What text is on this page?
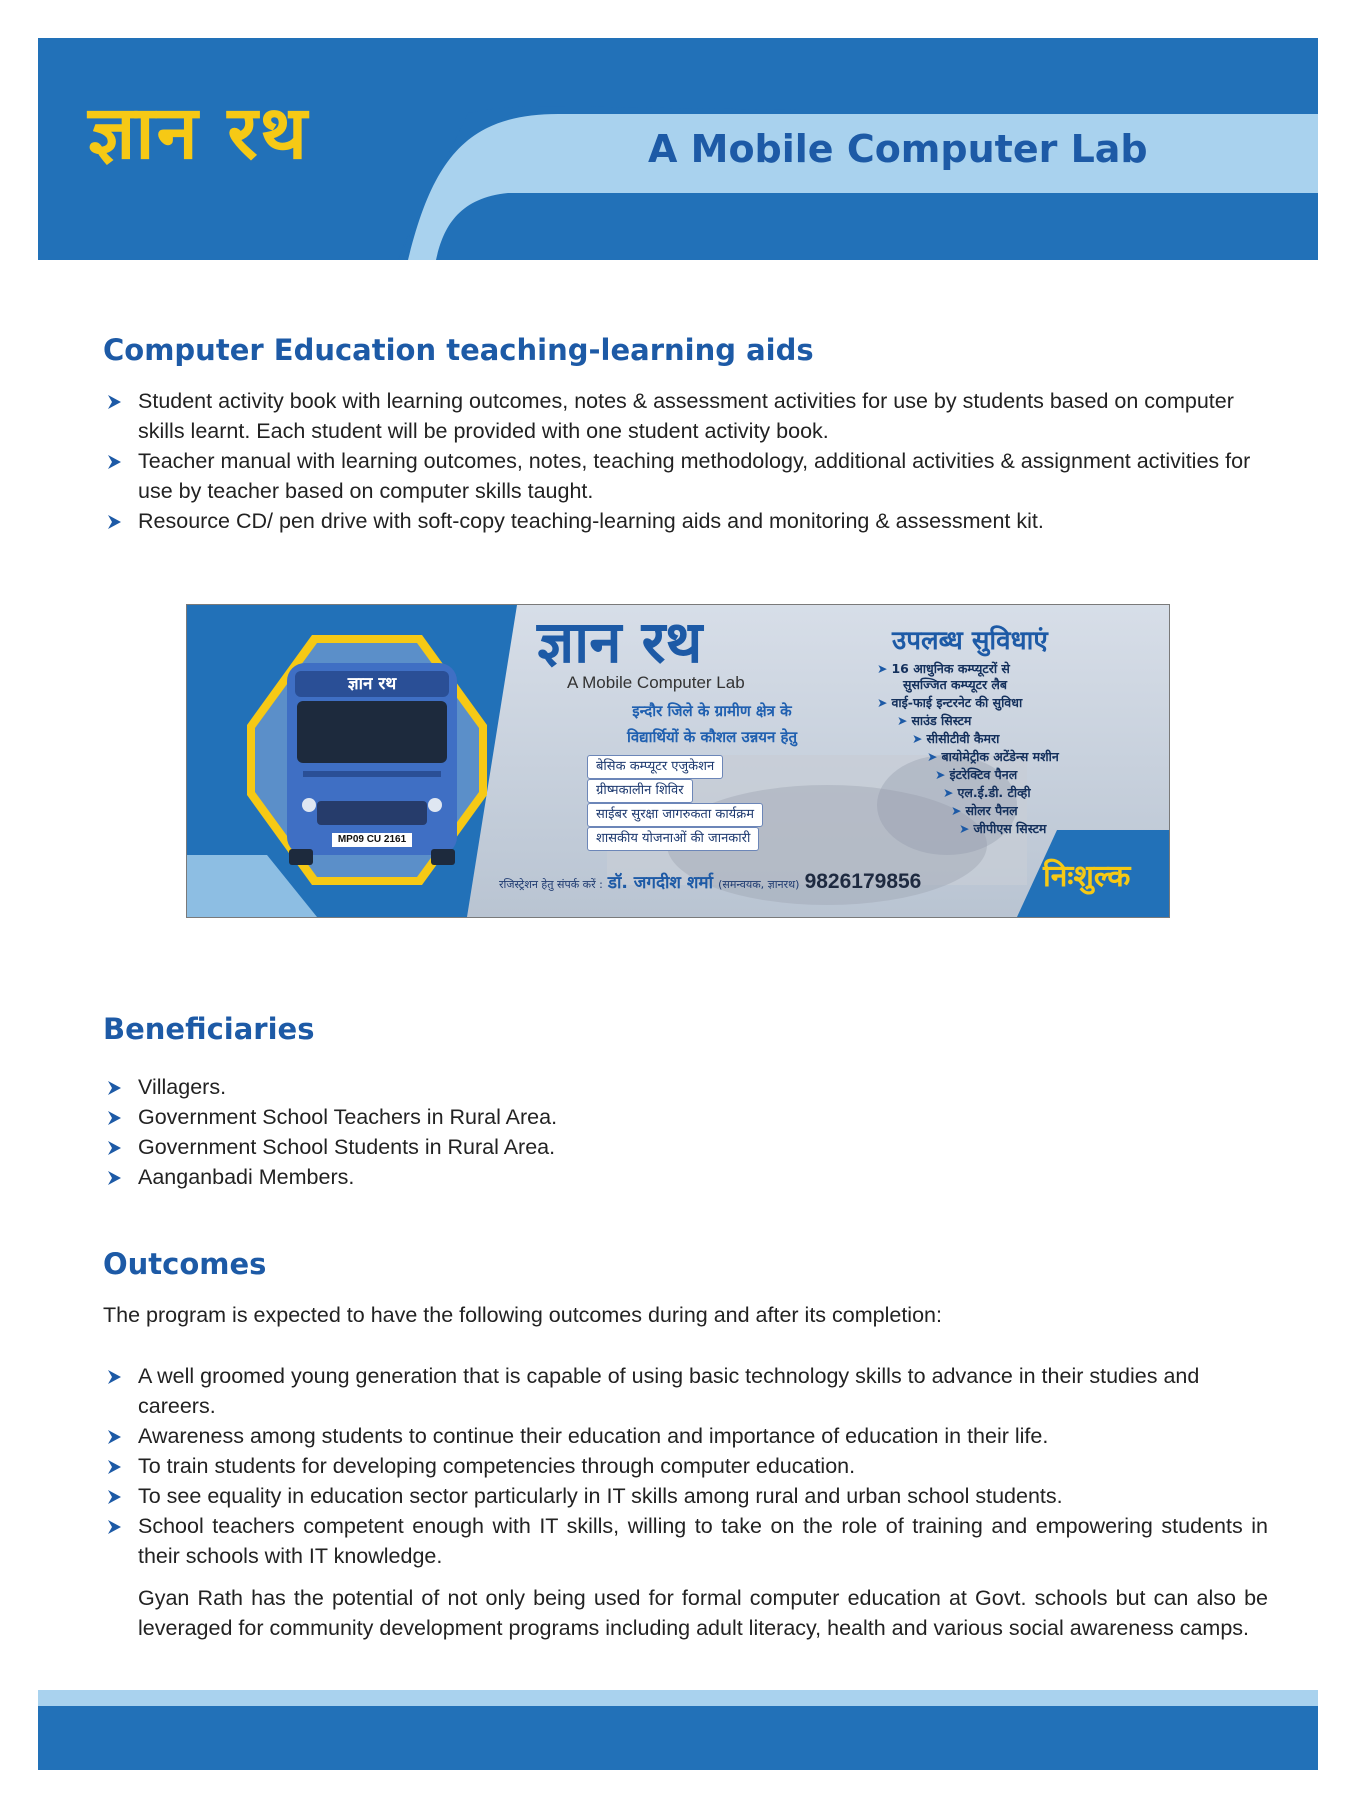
ज्ञान रथ	A Mobile Computer Lab
Computer Education teaching-learning aids
Student activity book with learning outcomes, notes & assessment activities for use by students based on computer skills learnt. Each student will be provided with one student activity book.
Teacher manual with learning outcomes, notes, teaching methodology, additional activities & assignment activities for use by teacher based on computer skills taught.
Resource CD/ pen drive with soft-copy teaching-learning aids and monitoring & assessment kit.
ज्ञान रथ
MP09 CU 2161
ज्ञान रथ
A Mobile Computer Lab
इन्दौर जिले के ग्रामीण क्षेत्र के
विद्यार्थियों के कौशल उन्नयन हेतु
बेसिक कम्प्यूटर एजुकेशन
ग्रीष्मकालीन शिविर
साईबर सुरक्षा जागरुकता कार्यक्रम
शासकीय योजनाओं की जानकारी
उपलब्ध सुविधाएं
➤ 16 आधुनिक कम्प्यूटरों से
सुसज्जित कम्प्यूटर लैब
➤ वाई-फाई इन्टरनेट की सुविधा
➤ साउंड सिस्टम
➤ सीसीटीवी कैमरा
➤ बायोमेट्रीक अटेंडेन्स मशीन
➤ इंटरेक्टिव पैनल
➤ एल.ई.डी. टीव्ही
➤ सोलर पैनल
➤ जीपीएस सिस्टम
रजिस्ट्रेशन हेतु संपर्क करें : डॉ. जगदीश शर्मा (समन्वयक, ज्ञानरथ) 9826179856	निःशुल्क
Beneficiaries
Villagers.
Government School Teachers in Rural Area.
Government School Students in Rural Area.
Aanganbadi Members.
Outcomes

The program is expected to have the following outcomes during and after its completion:

A well groomed young generation that is capable of using basic technology skills to advance in their studies and careers.
Awareness among students to continue their education and importance of education in their life.
To train students for developing competencies through computer education.
To see equality in education sector particularly in IT skills among rural and urban school students.
School teachers competent enough with IT skills, willing to take on the role of training and empowering students in their schools with IT knowledge.

Gyan Rath has the potential of not only being used for formal computer education at Govt. schools but can also be leveraged for community development programs including adult literacy, health and various social awareness camps.
